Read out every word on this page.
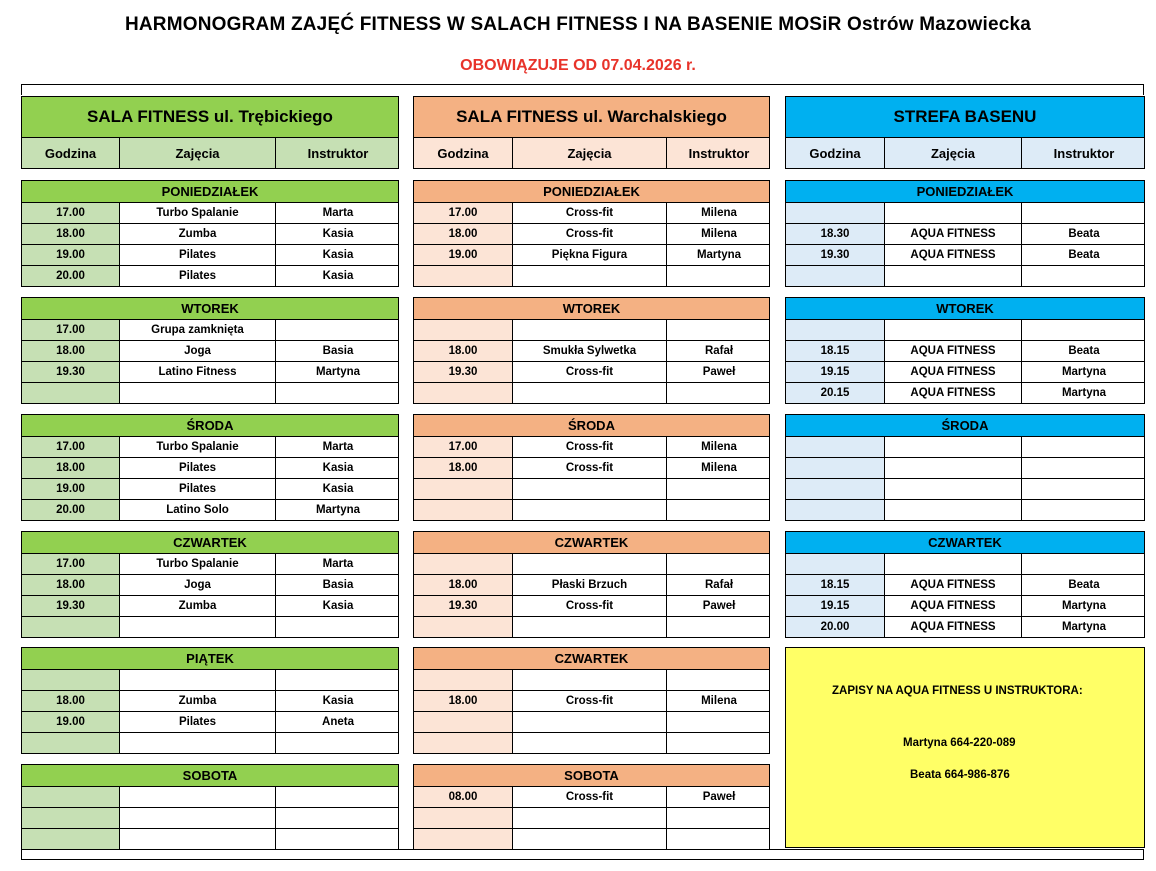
HARMONOGRAM ZAJĘĆ FITNESS W SALACH FITNESS I NA BASENIE MOSiR Ostrów Mazowiecka
OBOWIĄZUJE OD 07.04.2026 r.
SALA FITNESS ul. Trębickiego
Godzina	Zajęcia	Instruktor
PONIEDZIAŁEK
17.00	Turbo Spalanie	Marta
18.00	Zumba	Kasia
19.00	Pilates	Kasia
20.00	Pilates	Kasia
WTOREK
17.00	Grupa zamknięta
18.00	Joga	Basia
19.30	Latino Fitness	Martyna
ŚRODA
17.00	Turbo Spalanie	Marta
18.00	Pilates	Kasia
19.00	Pilates	Kasia
20.00	Latino Solo	Martyna
CZWARTEK
17.00	Turbo Spalanie	Marta
18.00	Joga	Basia
19.30	Zumba	Kasia
PIĄTEK
18.00	Zumba	Kasia
19.00	Pilates	Aneta
SOBOTA
SALA FITNESS ul. Warchalskiego
Godzina	Zajęcia	Instruktor
PONIEDZIAŁEK
17.00	Cross-fit	Milena
18.00	Cross-fit	Milena
19.00	Piękna Figura	Martyna
WTOREK
18.00	Smukła Sylwetka	Rafał
19.30	Cross-fit	Paweł
ŚRODA
17.00	Cross-fit	Milena
18.00	Cross-fit	Milena
CZWARTEK
18.00	Płaski Brzuch	Rafał
19.30	Cross-fit	Paweł
CZWARTEK
18.00	Cross-fit	Milena
SOBOTA
08.00	Cross-fit	Paweł
STREFA BASENU
Godzina	Zajęcia	Instruktor
PONIEDZIAŁEK
18.30	AQUA FITNESS	Beata
19.30	AQUA FITNESS	Beata
WTOREK
18.15	AQUA FITNESS	Beata
19.15	AQUA FITNESS	Martyna
20.15	AQUA FITNESS	Martyna
ŚRODA
CZWARTEK
18.15	AQUA FITNESS	Beata
19.15	AQUA FITNESS	Martyna
20.00	AQUA FITNESS	Martyna
ZAPISY NA AQUA FITNESS U INSTRUKTORA:
Martyna 664-220-089
Beata 664-986-876
